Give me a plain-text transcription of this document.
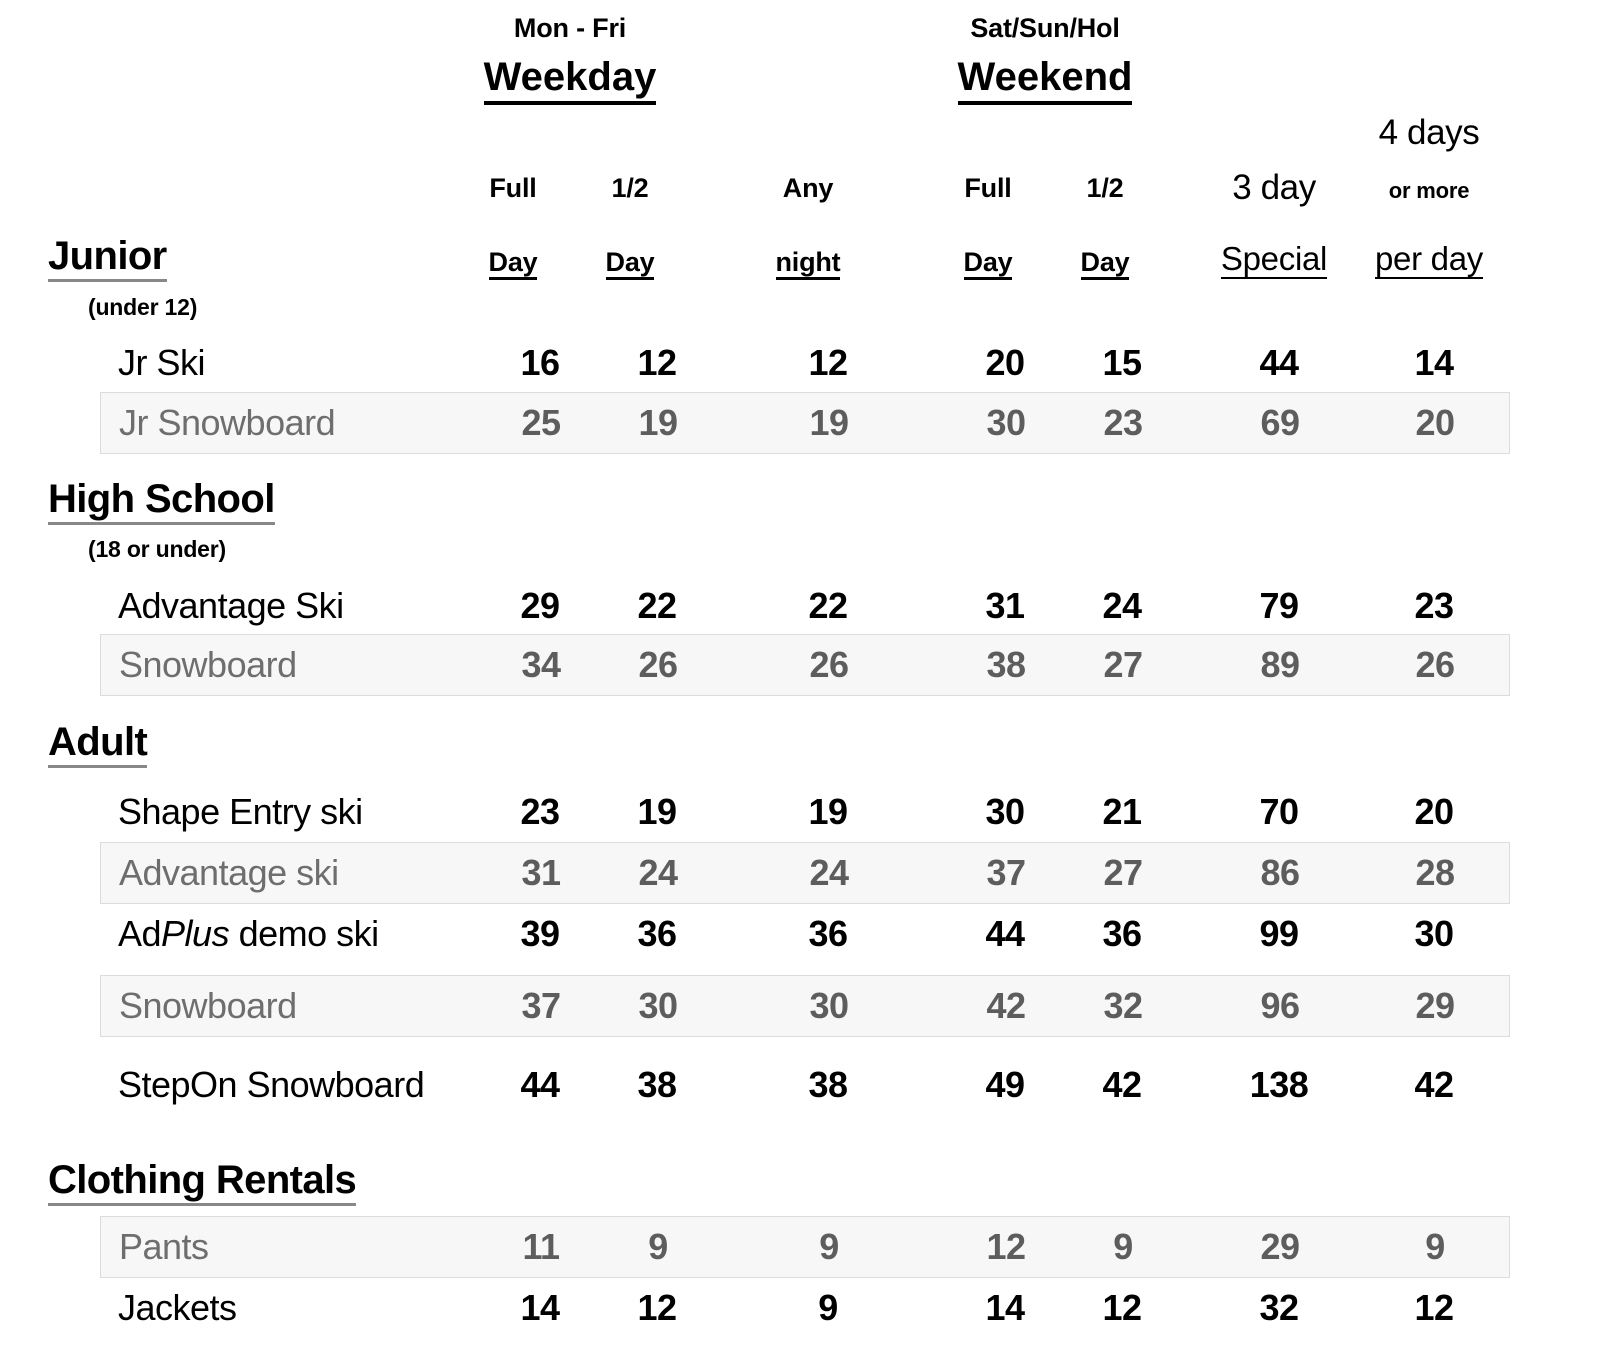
Mon - Fri
Weekday
Sat/Sun/Hol
Weekend
Full
Day
1/2
Day
Any
night
Full
Day
1/2
Day
3 day
Special
4 days
or more
per day
Junior
(under 12)
Jr Ski	16	12	12	20	15	44	14
Jr Snowboard	25	19	19	30	23	69	20
High School
(18 or under)
Advantage Ski	29	22	22	31	24	79	23
Snowboard	34	26	26	38	27	89	26
Adult
Shape Entry ski	23	19	19	30	21	70	20
Advantage ski	31	24	24	37	27	86	28
AdPlus demo ski	39	36	36	44	36	99	30
Snowboard	37	30	30	42	32	96	29
StepOn Snowboard	44	38	38	49	42	138	42
Clothing Rentals
Pants	11	9	9	12	9	29	9
Jackets	14	12	9	14	12	32	12
